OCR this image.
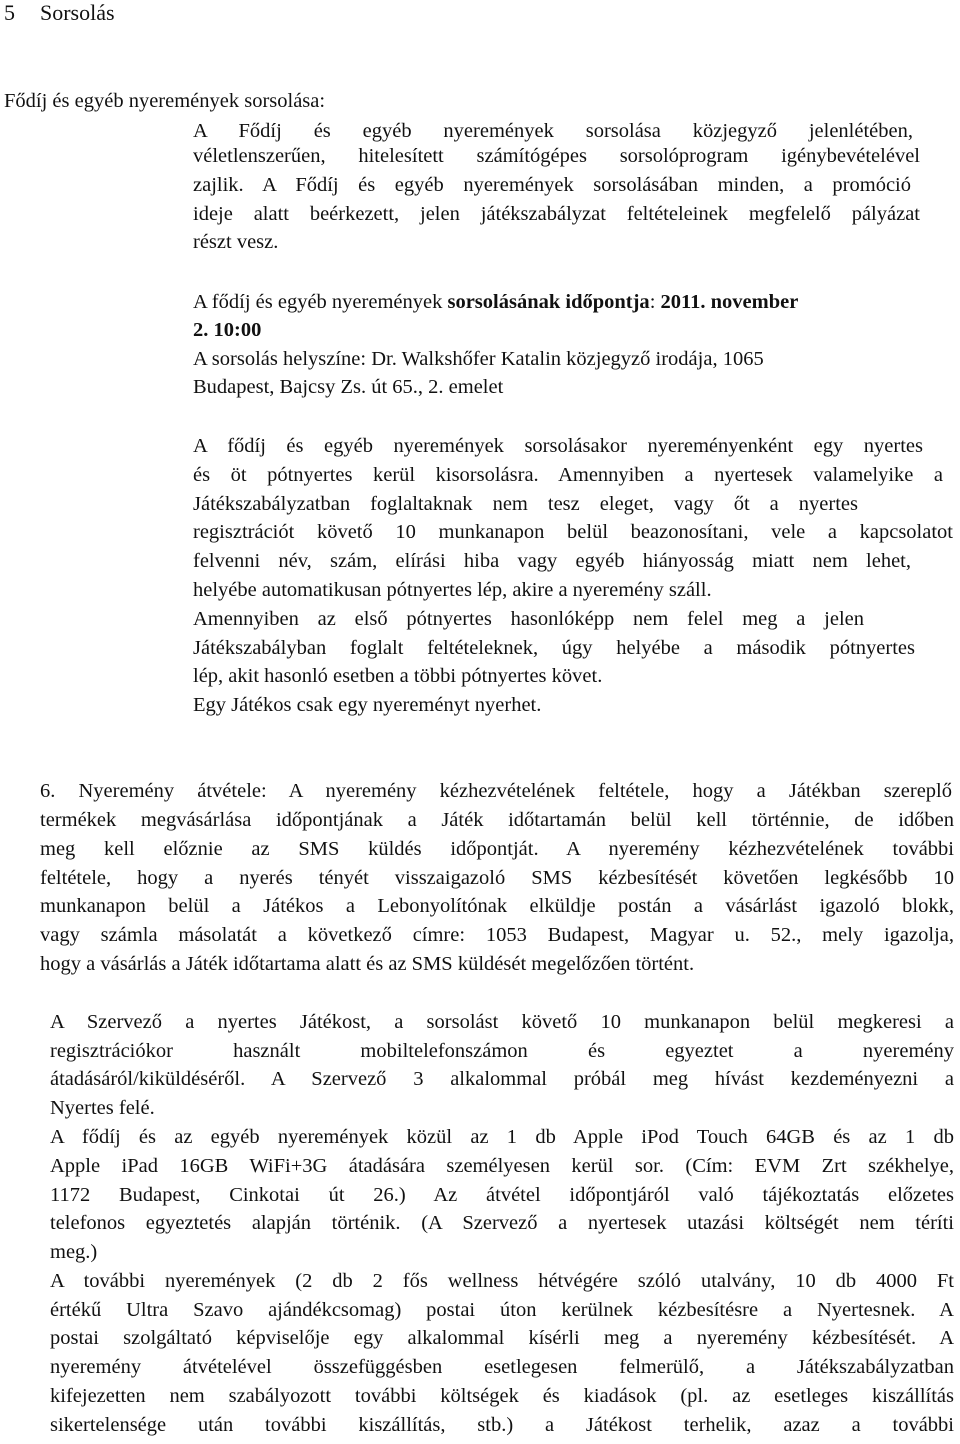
5 Sorsolás
Fődíj és egyéb nyeremények sorsolása:
A Fődíj és egyéb nyeremények sorsolása közjegyző jelenlétében,
véletlenszerűen, hitelesített számítógépes sorsolóprogram igénybevételével
zajlik. A Fődíj és egyéb nyeremények sorsolásában minden, a promóció
ideje alatt beérkezett, jelen játékszabályzat feltételeinek megfelelő pályázat
részt vesz.
A fődíj és egyéb nyeremények sorsolásának időpontja: 2011. november
2. 10:00
A sorsolás helyszíne: Dr. Walkshőfer Katalin közjegyző irodája, 1065
Budapest, Bajcsy Zs. út 65., 2. emelet
A fődíj és egyéb nyeremények sorsolásakor nyereményenként egy nyertes
és öt pótnyertes kerül kisorsolásra. Amennyiben a nyertesek valamelyike a
Játékszabályzatban foglaltaknak nem tesz eleget, vagy őt a nyertes
regisztrációt követő 10 munkanapon belül beazonosítani, vele a kapcsolatot
felvenni név, szám, elírási hiba vagy egyéb hiányosság miatt nem lehet,
helyébe automatikusan pótnyertes lép, akire a nyeremény száll.
Amennyiben az első pótnyertes hasonlóképp nem felel meg a jelen
Játékszabályban foglalt feltételeknek, úgy helyébe a második pótnyertes
lép, akit hasonló esetben a többi pótnyertes követ.
Egy Játékos csak egy nyereményt nyerhet.
6. Nyeremény átvétele: A nyeremény kézhezvételének feltétele, hogy a Játékban szereplő
termékek megvásárlása időpontjának a Játék időtartamán belül kell történnie, de időben
meg kell előznie az SMS küldés időpontját. A nyeremény kézhezvételének további
feltétele, hogy a nyerés tényét visszaigazoló SMS kézbesítését követően legkésőbb 10
munkanapon belül a Játékos a Lebonyolítónak elküldje postán a vásárlást igazoló blokk,
vagy számla másolatát a következő címre: 1053 Budapest, Magyar u. 52., mely igazolja,
hogy a vásárlás a Játék időtartama alatt és az SMS küldését megelőzően történt.
A Szervező a nyertes Játékost, a sorsolást követő 10 munkanapon belül megkeresi a
regisztrációkor használt mobiltelefonszámon és egyeztet a nyeremény
átadásáról/kiküldéséről. A Szervező 3 alkalommal próbál meg hívást kezdeményezni a
Nyertes felé.
A fődíj és az egyéb nyeremények közül az 1 db Apple iPod Touch 64GB és az 1 db
Apple iPad 16GB WiFi+3G átadására személyesen kerül sor. (Cím: EVM Zrt székhelye,
1172 Budapest, Cinkotai út 26.) Az átvétel időpontjáról való tájékoztatás előzetes
telefonos egyeztetés alapján történik. (A Szervező a nyertesek utazási költségét nem téríti
meg.)
A további nyeremények (2 db 2 fős wellness hétvégére szóló utalvány, 10 db 4000 Ft
értékű Ultra Szavo ajándékcsomag) postai úton kerülnek kézbesítésre a Nyertesnek. A
postai szolgáltató képviselője egy alkalommal kísérli meg a nyeremény kézbesítését. A
nyeremény átvételével összefüggésben esetlegesen felmerülő, a Játékszabályzatban
kifejezetten nem szabályozott további költségek és kiadások (pl. az esetleges kiszállítás
sikertelensége után további kiszállítás, stb.) a Játékost terhelik, azaz a további
